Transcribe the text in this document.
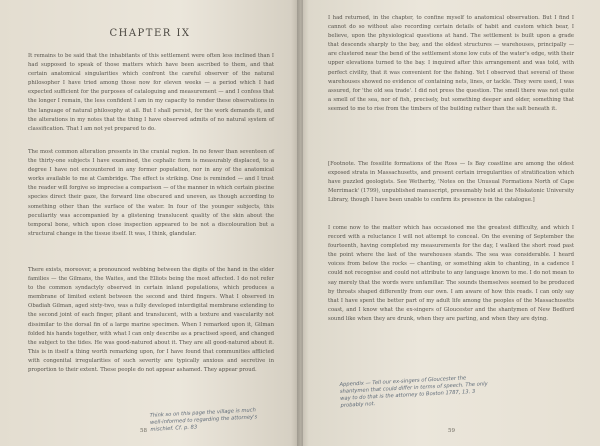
CHAPTER IX

It remains to be said that the inhabitants of this settlement were often less inclined than I had supposed to speak of those matters which have been ascribed to them, and that certain anatomical singularities which confront the careful observer of the natural philosopher I have tried among those now for eleven weeks — a period which I had expected sufficient for the purposes of cataloguing and measurement — and I confess that the longer I remain, the less confident I am in my capacity to render these observations in the language of natural philosophy at all. But I shall persist, for the work demands it, and the alterations in my notes that the thing I have observed admits of no natural system of classification. That I am not yet prepared to do.

The most common alteration presents in the cranial region. In no fewer than seventeen of the thirty-one subjects I have examined, the cephalic form is measurably displaced, to a degree I have not encountered in any former population, nor in any of the anatomical works available to me at Cambridge. The effect is striking. One is reminded — and I trust the reader will forgive so imprecise a comparison — of the manner in which certain piscine species direct their gaze, the forward line obscured and uneven, as though according to something other than the surface of the water. In four of the younger subjects, this peculiarity was accompanied by a glistening translucent quality of the skin about the temporal bone, which upon close inspection appeared to be not a discolouration but a structural change in the tissue itself. It was, I think, glandular.

There exists, moreover, a pronounced webbing between the digits of the hand in the elder families — the Gilmans, the Waites, and the Elliots being the most affected. I do not refer to the common syndactyly observed in certain inland populations, which produces a membrane of limited extent between the second and third fingers. What I observed in Obadiah Gilman, aged sixty-two, was a fully developed interdigital membrane extending to the second joint of each finger, pliant and translucent, with a texture and vascularity not dissimilar to the dorsal fin of a large marine specimen. When I remarked upon it, Gilman folded his hands together, with what I can only describe as a practised speed, and changed the subject to the tides. He was good-natured about it. They are all good-natured about it. This is in itself a thing worth remarking upon, for I have found that communities afflicted with congenital irregularities of such severity are typically anxious and secretive in proportion to their extent. These people do not appear ashamed. They appear proud.

Think so on this page the village is much well-informed to regarding the attorney's mischief. Cf. p. 83
58

I had returned, in the chapter, to confine myself to anatomical observation. But I find I cannot do so without also recording certain details of habit and custom which bear, I believe, upon the physiological questions at hand. The settlement is built upon a grade that descends sharply to the bay, and the oldest structures — warehouses, principally — are clustered near the bend of the settlement stone low cuts of the water's edge, with their upper elevations turned to the bay. I inquired after this arrangement and was told, with perfect civility, that it was convenient for the fishing. Yet I observed that several of these warehouses showed no evidence of containing nets, lines, or tackle. They were used, I was assured, for 'the old sea trade'. I did not press the question. The smell there was not quite a smell of the sea, nor of fish, precisely, but something deeper and older, something that seemed to me to rise from the timbers of the building rather than the salt beneath it.

[Footnote. The fossilite formations of the Ross — Is Bay coastline are among the oldest exposed strata in Massachusetts, and present certain irregularities of stratification which have puzzled geologists. See Wetherby, 'Notes on the Unusual Formations North of Cape Merrimack' (1799), unpublished manuscript, presumably held at the Miskatonic University Library, though I have been unable to confirm its presence in the catalogue.]

I come now to the matter which has occasioned me the greatest difficulty, and which I record with a reluctance I will not attempt to conceal. On the evening of September the fourteenth, having completed my measurements for the day, I walked the short road past the point where the last of the warehouses stands. The sea was considerable. I heard voices from below the rocks — chanting, or something akin to chanting, in a cadence I could not recognise and could not attribute to any language known to me. I do not mean to say merely that the words were unfamiliar. The sounds themselves seemed to be produced by throats shaped differently from our own. I am aware of how this reads. I can only say that I have spent the better part of my adult life among the peoples of the Massachusetts coast, and I know what the ex-singers of Gloucester and the shantymen of New Bedford sound like when they are drunk, when they are parting, and when they are dying.

Appendix — Tell our ex-singers of Gloucester the shantymen that could differ in terms of speech. The only way to do that is the attorney to Boston 1787, 13. 3 probably not.
59
